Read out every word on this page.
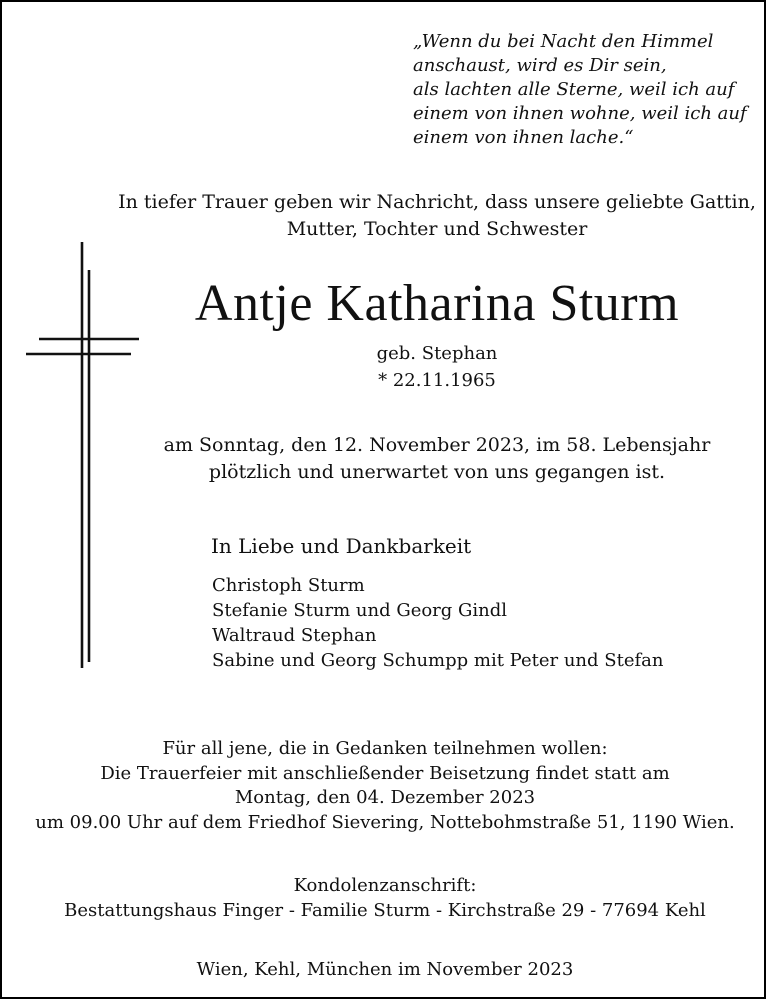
„Wenn du bei Nacht den Himmel
anschaust, wird es Dir sein,
als lachten alle Sterne, weil ich auf
einem von ihnen wohne, weil ich auf
einem von ihnen lache.“
In tiefer Trauer geben wir Nachricht, dass unsere geliebte Gattin,
Mutter, Tochter und Schwester
Antje Katharina Sturm
geb. Stephan
* 22.11.1965
am Sonntag, den 12. November 2023, im 58. Lebensjahr
plötzlich und unerwartet von uns gegangen ist.
In Liebe und Dankbarkeit
Christoph Sturm
Stefanie Sturm und Georg Gindl
Waltraud Stephan
Sabine und Georg Schumpp mit Peter und Stefan
Für all jene, die in Gedanken teilnehmen wollen:
Die Trauerfeier mit anschließender Beisetzung findet statt am
Montag, den 04. Dezember 2023
um 09.00 Uhr auf dem Friedhof Sievering, Nottebohmstraße 51, 1190 Wien.
Kondolenzanschrift:
Bestattungshaus Finger - Familie Sturm - Kirchstraße 29 - 77694 Kehl
Wien, Kehl, München im November 2023
